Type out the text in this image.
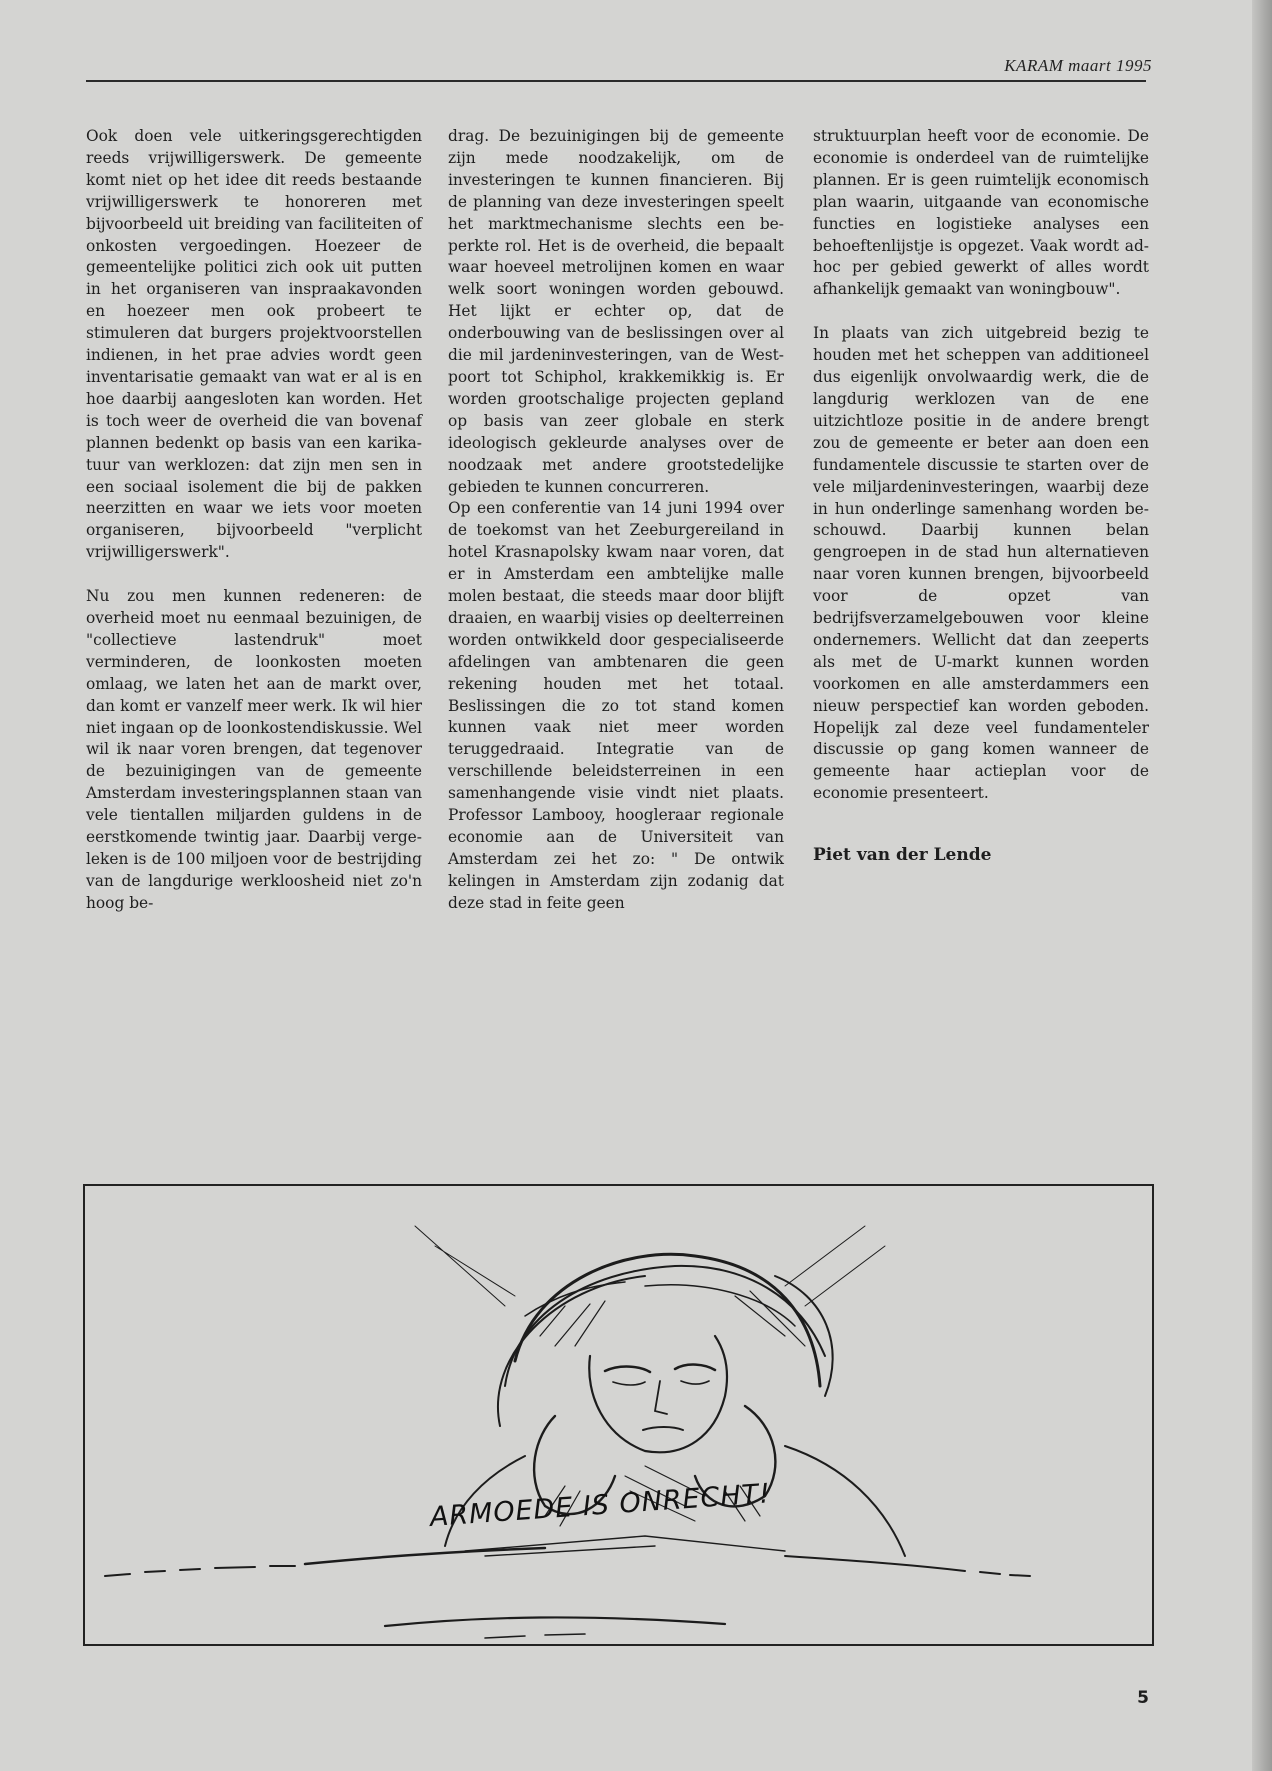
KARAM maart 1995

Ook doen vele uitkeringsgerechtigden reeds vrijwilligerswerk. De gemeente komt niet op het idee dit reeds bestaande vrijwilligerswerk te honoreren met bijvoorbeeld uit breiding van faciliteiten of onkosten vergoedingen. Hoezeer de gemeentelijke politici zich ook uit putten in het organiseren van inspraakavonden en hoezeer men ook probeert te stimuleren dat burgers projektvoorstellen indienen, in het prae advies wordt geen inventarisatie gemaakt van wat er al is en hoe daarbij aangesloten kan worden. Het is toch weer de overheid die van bovenaf plannen bedenkt op basis van een karikatuur van werklozen: dat zijn men sen in een sociaal isolement die bij de pakken neerzitten en waar we iets voor moeten organiseren, bijvoorbeeld "verplicht vrijwilligerswerk".

Nu zou men kunnen redeneren: de overheid moet nu eenmaal bezuinigen, de "collectieve lastendruk" moet verminderen, de loonkosten moeten omlaag, we laten het aan de markt over, dan komt er vanzelf meer werk. Ik wil hier niet ingaan op de loonkostendiskussie. Wel wil ik naar voren brengen, dat tegenover de bezuinigingen van de gemeente Amsterdam investeringsplannen staan van vele tientallen miljarden guldens in de eerstkomende twintig jaar. Daarbij vergeleken is de 100 miljoen voor de bestrijding van de langdurige werkloosheid niet zo'n hoog be-

drag. De bezuinigingen bij de gemeente zijn mede noodzakelijk, om de investeringen te kunnen financieren. Bij de planning van deze investeringen speelt het marktmechanisme slechts een beperkte rol. Het is de overheid, die bepaalt waar hoeveel metrolijnen komen en waar welk soort woningen worden gebouwd. Het lijkt er echter op, dat de onderbouwing van de beslissingen over al die mil jardeninvesteringen, van de Westpoort tot Schiphol, krakkemikkig is. Er worden grootschalige projecten gepland op basis van zeer globale en sterk ideologisch gekleurde analyses over de noodzaak met andere grootstedelijke gebieden te kunnen concurreren.

Op een conferentie van 14 juni 1994 over de toekomst van het Zeeburgereiland in hotel Krasnapolsky kwam naar voren, dat er in Amsterdam een ambtelijke malle molen bestaat, die steeds maar door blijft draaien, en waarbij visies op deelterreinen worden ontwikkeld door gespecialiseerde afdelingen van ambtenaren die geen rekening houden met het totaal. Beslissingen die zo tot stand komen kunnen vaak niet meer worden teruggedraaid. Integratie van de verschillende beleidsterreinen in een samenhangende visie vindt niet plaats. Professor Lambooy, hoogleraar regionale economie aan de Universiteit van Amsterdam zei het zo: " De ontwik kelingen in Amsterdam zijn zodanig dat deze stad in feite geen

struktuurplan heeft voor de economie. De economie is onderdeel van de ruimtelijke plannen. Er is geen ruimtelijk economisch plan waarin, uitgaande van economische functies en logistieke analyses een behoeftenlijstje is opgezet. Vaak wordt ad-hoc per gebied gewerkt of alles wordt afhankelijk gemaakt van woningbouw".

In plaats van zich uitgebreid bezig te houden met het scheppen van additioneel dus eigenlijk onvolwaardig werk, die de langdurig werklozen van de ene uitzichtloze positie in de andere brengt zou de gemeente er beter aan doen een fundamentele discussie te starten over de vele miljardeninvesteringen, waarbij deze in hun onderlinge samenhang worden beschouwd. Daarbij kunnen belan gengroepen in de stad hun alternatieven naar voren kunnen brengen, bijvoorbeeld voor de opzet van bedrijfsverzamelgebouwen voor kleine ondernemers. Wellicht dat dan zeeperts als met de U-markt kunnen worden voorkomen en alle amsterdammers een nieuw perspectief kan worden geboden. Hopelijk zal deze veel fundamenteler discussie op gang komen wanneer de gemeente haar actieplan voor de economie presenteert.

Piet van der Lende

ARMOEDE IS ONRECHT!
5
